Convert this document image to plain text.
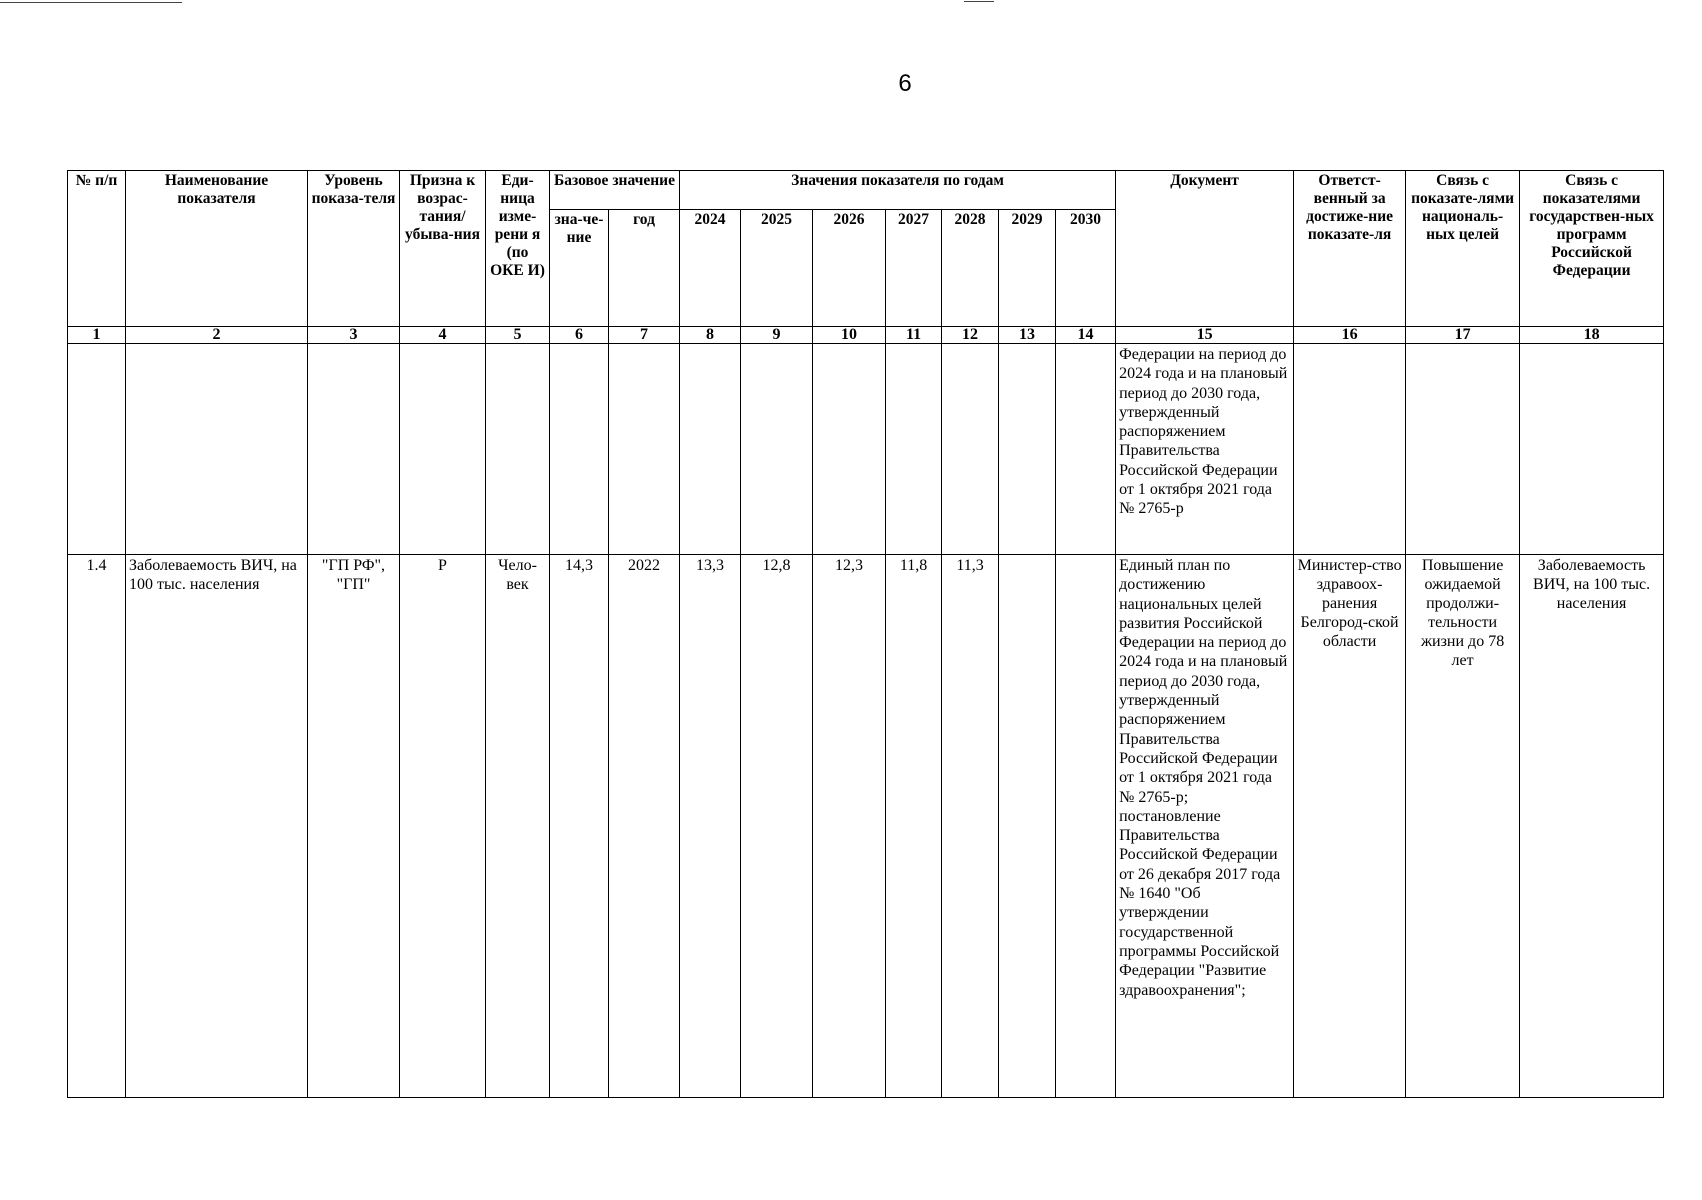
6
№ п/п	Наименование показателя	Уровень показа-теля	Призна к возрас-тания/ убыва-ния	Еди-ница изме-рени я (по ОКЕ И)	Базовое значение		Значения показателя по годам							Документ	Ответст-венный за достиже-ние показате-ля	Связь с показате-лями националь-ных целей	Связь с показателями государствен-ных программ Российской Федерации
					зна-че-ние	год	2024	2025	2026	2027	2028	2029	2030				
1	2	3	4	5	6	7	8	9	10	11	12	13	14	15	16	17	18
														Федерации на период до 2024 года и на плановый период до 2030 года, утвержденный распоряжением Правительства Российской Федерации от 1 октября 2021 года № 2765-р			
1.4	Заболеваемость ВИЧ, на 100 тыс. населения	"ГП РФ", "ГП"	Р	Чело-век	14,3	2022	13,3	12,8	12,3	11,8	11,3			Единый план по достижению национальных целей развития Российской Федерации на период до 2024 года и на плановый период до 2030 года, утвержденный распоряжением Правительства Российской Федерации от 1 октября 2021 года № 2765-р; постановление Правительства Российской Федерации от 26 декабря 2017 года № 1640 "Об утверждении государственной программы Российской Федерации "Развитие здравоохранения";	Министер-ство здравоох-ранения Белгород-ской области	Повышение ожидаемой продолжи-тельности жизни до 78 лет	Заболеваемость ВИЧ, на 100 тыс. населения
